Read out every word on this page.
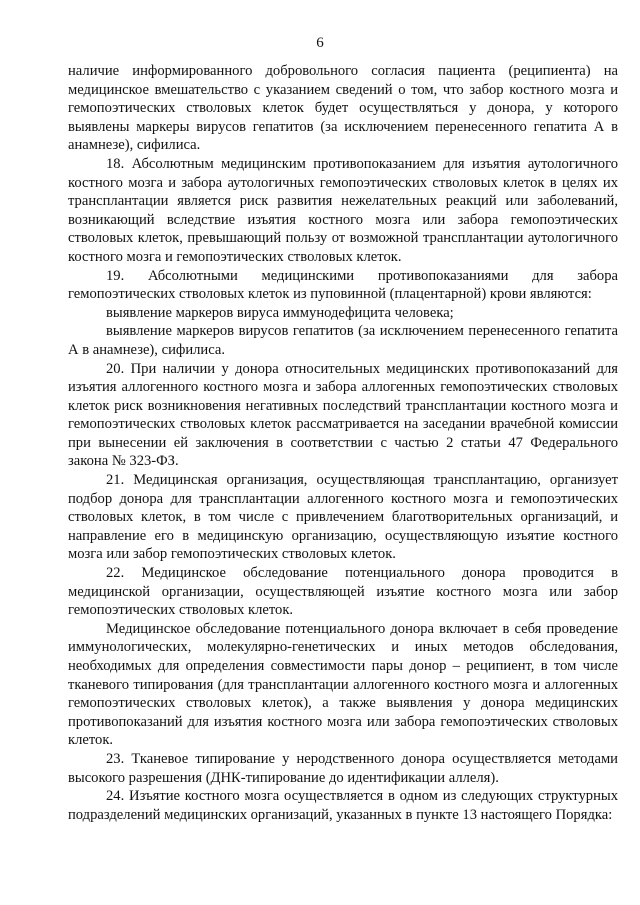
6

наличие информированного добровольного согласия пациента (реципиента) на медицинское вмешательство с указанием сведений о том, что забор костного мозга и гемопоэтических стволовых клеток будет осуществляться у донора, у которого выявлены маркеры вирусов гепатитов (за исключением перенесенного гепатита А в анамнезе), сифилиса.

18. Абсолютным медицинским противопоказанием для изъятия аутологичного костного мозга и забора аутологичных гемопоэтических стволовых клеток в целях их трансплантации является риск развития нежелательных реакций или заболеваний, возникающий вследствие изъятия костного мозга или забора гемопоэтических стволовых клеток, превышающий пользу от возможной трансплантации аутологичного костного мозга и гемопоэтических стволовых клеток.

19. Абсолютными медицинскими противопоказаниями для забора гемопоэтических стволовых клеток из пуповинной (плацентарной) крови являются:

выявление маркеров вируса иммунодефицита человека;

выявление маркеров вирусов гепатитов (за исключением перенесенного гепатита А в анамнезе), сифилиса.

20. При наличии у донора относительных медицинских противопоказаний для изъятия аллогенного костного мозга и забора аллогенных гемопоэтических стволовых клеток риск возникновения негативных последствий трансплантации костного мозга и гемопоэтических стволовых клеток рассматривается на заседании врачебной комиссии при вынесении ей заключения в соответствии с частью 2 статьи 47 Федерального закона № 323-ФЗ.

21. Медицинская организация, осуществляющая трансплантацию, организует подбор донора для трансплантации аллогенного костного мозга и гемопоэтических стволовых клеток, в том числе с привлечением благотворительных организаций, и направление его в медицинскую организацию, осуществляющую изъятие костного мозга или забор гемопоэтических стволовых клеток.

22. Медицинское обследование потенциального донора проводится в медицинской организации, осуществляющей изъятие костного мозга или забор гемопоэтических стволовых клеток.

Медицинское обследование потенциального донора включает в себя проведение иммунологических, молекулярно-генетических и иных методов обследования, необходимых для определения совместимости пары донор – реципиент, в том числе тканевого типирования (для трансплантации аллогенного костного мозга и аллогенных гемопоэтических стволовых клеток), а также выявления у донора медицинских противопоказаний для изъятия костного мозга или забора гемопоэтических стволовых клеток.

23. Тканевое типирование у неродственного донора осуществляется методами высокого разрешения (ДНК-типирование до идентификации аллеля).

24. Изъятие костного мозга осуществляется в одном из следующих структурных подразделений медицинских организаций, указанных в пункте 13 настоящего Порядка:
